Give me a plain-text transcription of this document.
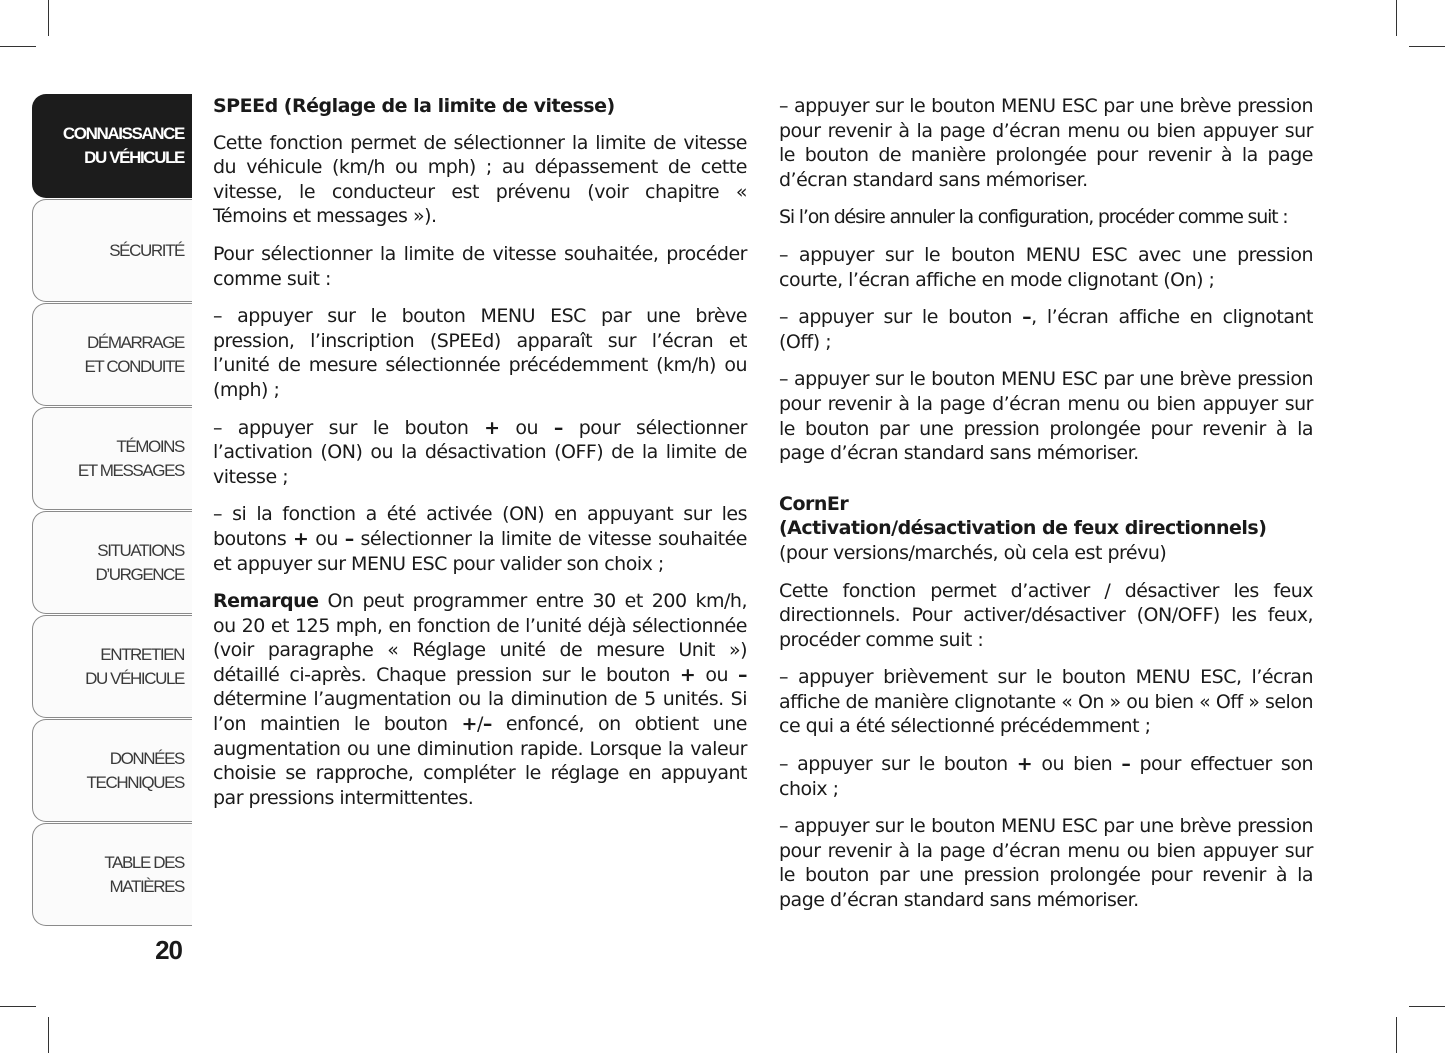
CONNAISSANCE
DU VÉHICULE
SÉCURITÉ
DÉMARRAGE
ET CONDUITE
TÉMOINS
ET MESSAGES
SITUATIONS
D’URGENCE
ENTRETIEN
DU VÉHICULE
DONNÉES
TECHNIQUES
TABLE DES MATIÈRES
20

SPEEd (Réglage de la limite de vitesse)

Cette fonction permet de sélectionner la limite de vitesse du véhicule (km/h ou mph) ; au dépassement de cette vitesse, le conducteur est prévenu (voir chapitre « Témoins et messages »).

Pour sélectionner la limite de vitesse souhaitée, procéder comme suit :

– appuyer sur le bouton MENU ESC par une brève pression, l’inscription (SPEEd) apparaît sur l’écran et l’unité de mesure sélectionnée précédemment (km/h) ou (mph) ;

– appuyer sur le bouton + ou – pour sélectionner l’activation (ON) ou la désactivation (OFF) de la limite de vitesse ;

– si la fonction a été activée (ON) en appuyant sur les boutons + ou – sélectionner la limite de vitesse souhaitée et appuyer sur MENU ESC pour valider son choix ;

Remarque On peut programmer entre 30 et 200 km/h, ou 20 et 125 mph, en fonction de l’unité déjà sélectionnée (voir paragraphe « Réglage unité de mesure Unit ») détaillé ci-après. Chaque pression sur le bouton + ou – détermine l’augmentation ou la diminution de 5 unités. Si l’on maintien le bouton +/– enfoncé, on obtient une augmentation ou une diminution rapide. Lorsque la valeur choisie se rapproche, compléter le réglage en appuyant par pressions intermittentes.

– appuyer sur le bouton MENU ESC par une brève pression pour revenir à la page d’écran menu ou bien appuyer sur le bouton de manière prolongée pour revenir à la page d’écran standard sans mémoriser.

Si l’on désire annuler la configuration, procéder comme suit :

– appuyer sur le bouton MENU ESC avec une pression courte, l’écran affiche en mode clignotant (On) ;

– appuyer sur le bouton –, l’écran affiche en clignotant (Off) ;

– appuyer sur le bouton MENU ESC par une brève pression pour revenir à la page d’écran menu ou bien appuyer sur le bouton par une pression prolongée pour revenir à la page d’écran standard sans mémoriser.

CornEr

(Activation/désactivation de feux directionnels)

(pour versions/marchés, où cela est prévu)

Cette fonction permet d’activer / désactiver les feux directionnels. Pour activer/désactiver (ON/OFF) les feux, procéder comme suit :

– appuyer brièvement sur le bouton MENU ESC, l’écran affiche de manière clignotante « On » ou bien « Off » selon ce qui a été sélectionné précédemment ;

– appuyer sur le bouton + ou bien – pour effectuer son choix ;

– appuyer sur le bouton MENU ESC par une brève pression pour revenir à la page d’écran menu ou bien appuyer sur le bouton par une pression prolongée pour revenir à la page d’écran standard sans mémoriser.
